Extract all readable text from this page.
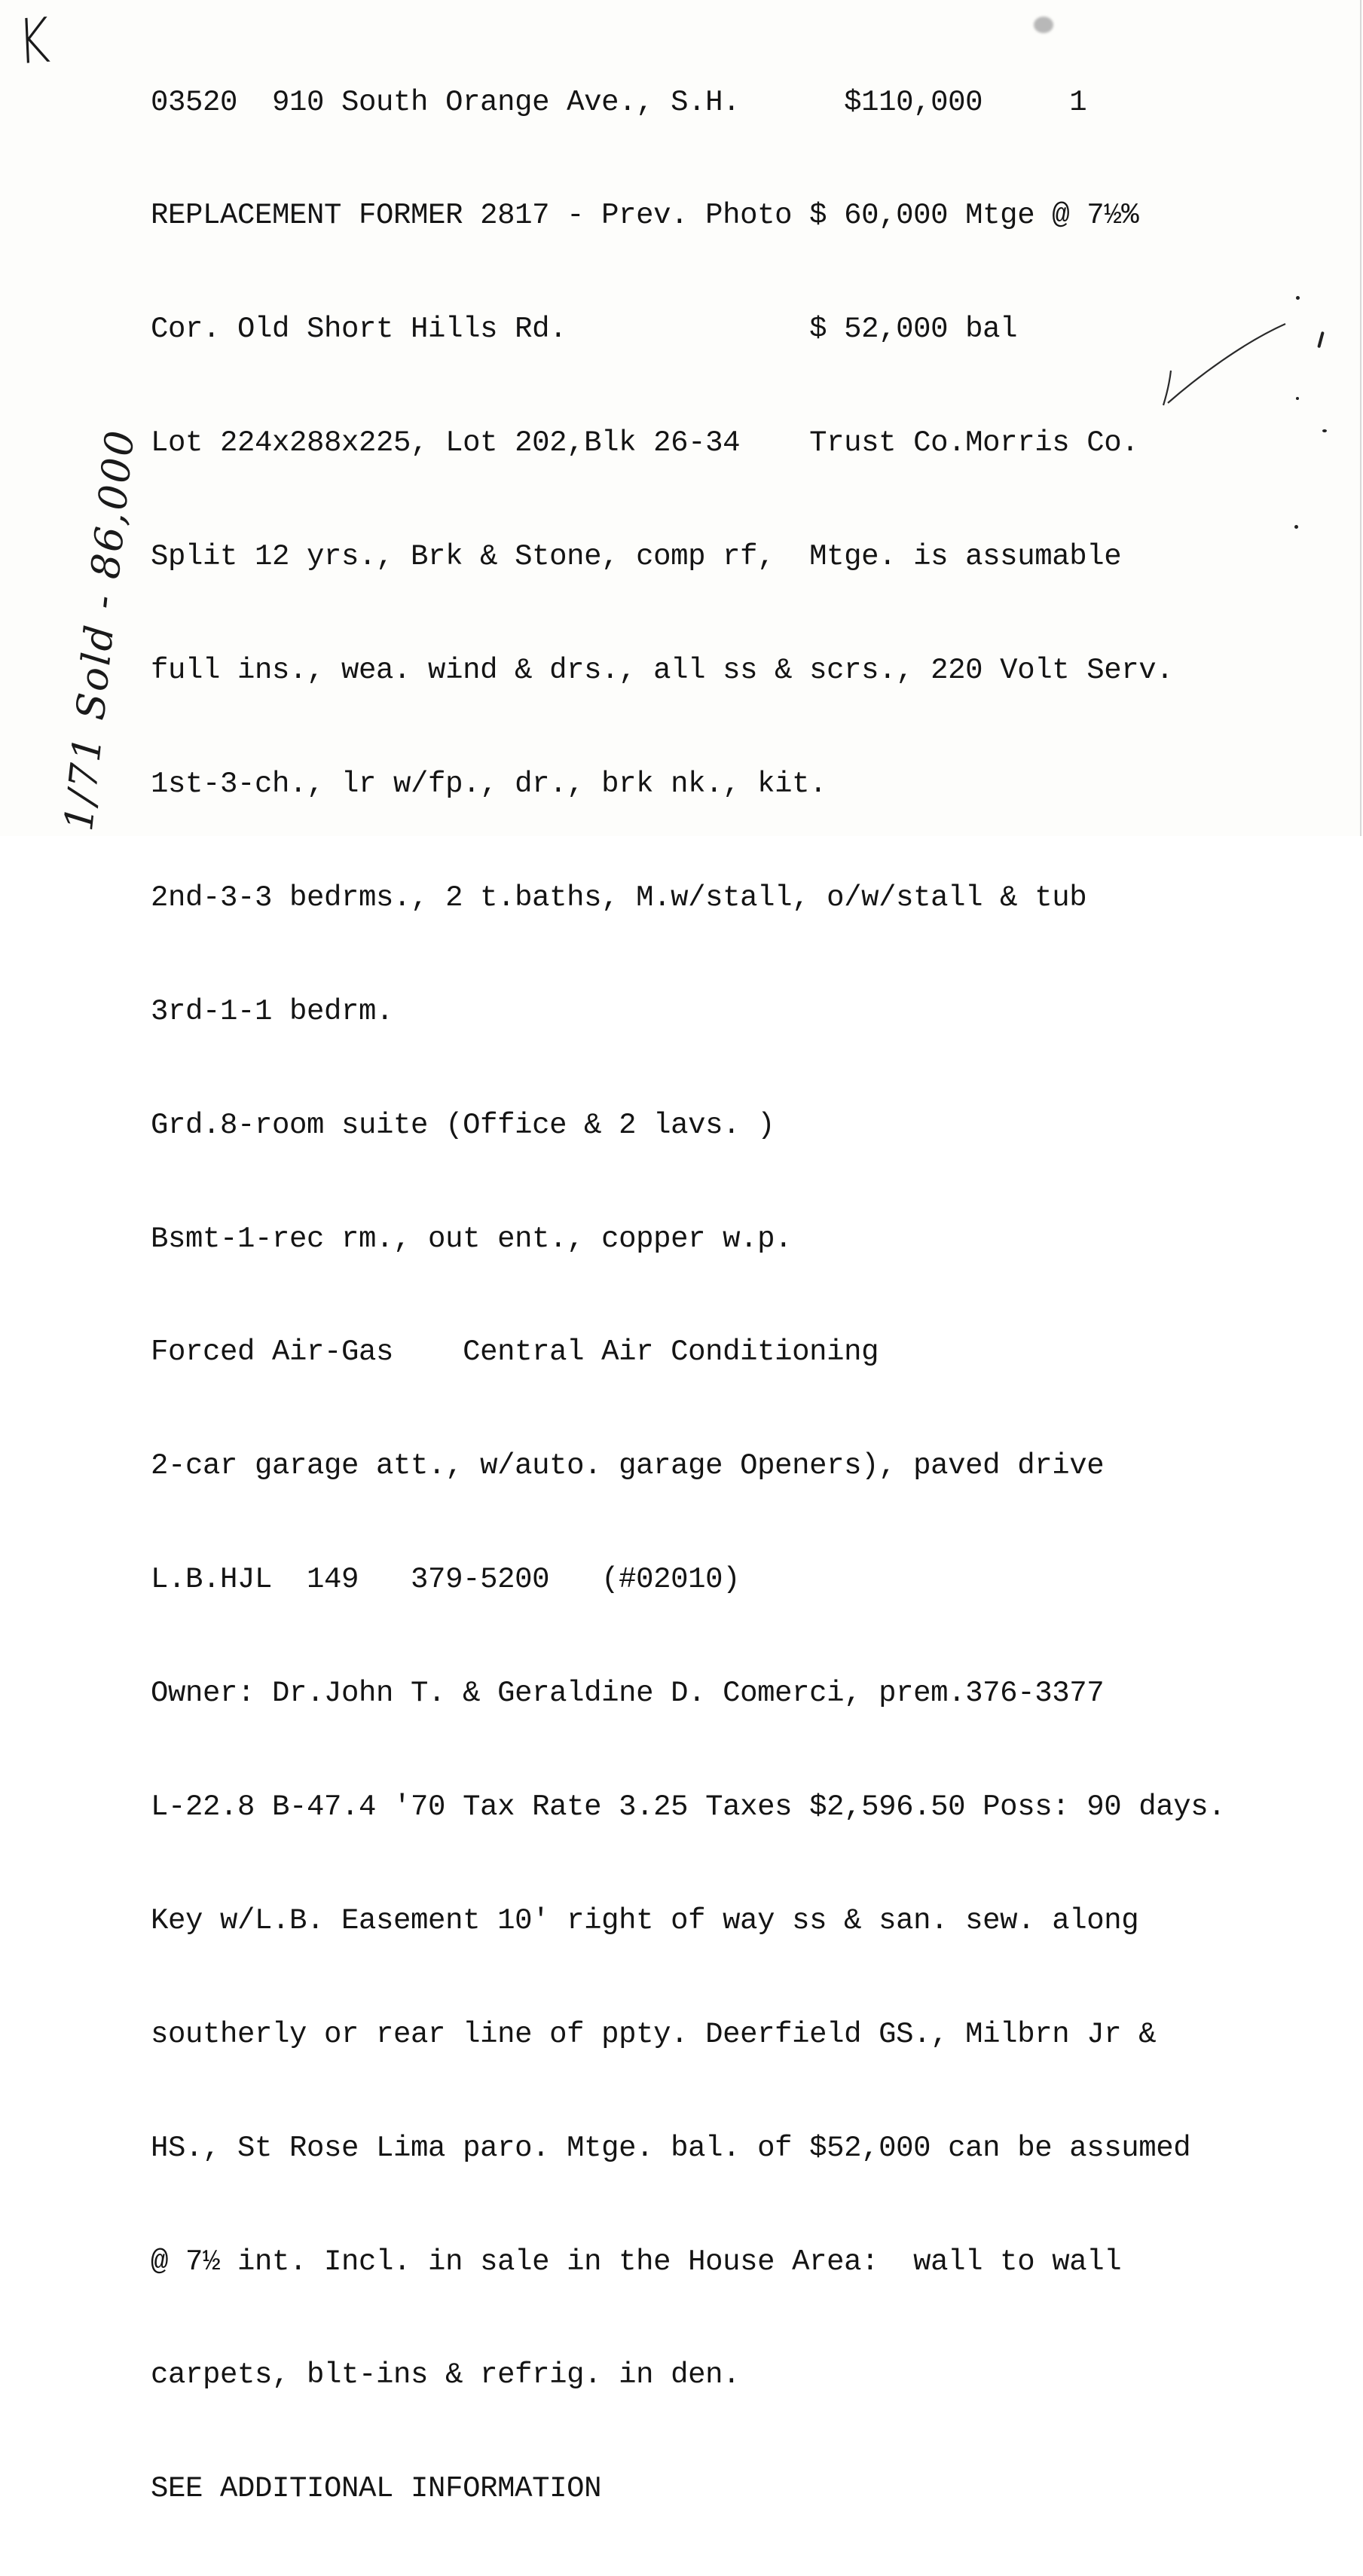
K
1/71 Sold - 86,000

03520  910 South Orange Ave., S.H.      $110,000     1

REPLACEMENT FORMER 2817 - Prev. Photo $ 60,000 Mtge @ 7½%

Cor. Old Short Hills Rd.              $ 52,000 bal

Lot 224x288x225, Lot 202,Blk 26-34    Trust Co.Morris Co.

Split 12 yrs., Brk & Stone, comp rf,  Mtge. is assumable

full ins., wea. wind & drs., all ss & scrs., 220 Volt Serv.

1st-3-ch., lr w/fp., dr., brk nk., kit.

2nd-3-3 bedrms., 2 t.baths, M.w/stall, o/w/stall & tub

3rd-1-1 bedrm.

Grd.8-room suite (Office & 2 lavs. )

Bsmt-1-rec rm., out ent., copper w.p.

Forced Air-Gas    Central Air Conditioning

2-car garage att., w/auto. garage Openers), paved drive

L.B.HJL  149   379-5200   (#02010)

Owner: Dr.John T. & Geraldine D. Comerci, prem.376-3377

L-22.8 B-47.4 '70 Tax Rate 3.25 Taxes $2,596.50 Poss: 90 days.

Key w/L.B. Easement 10' right of way ss & san. sew. along

southerly or rear line of ppty. Deerfield GS., Milbrn Jr &

HS., St Rose Lima paro. Mtge. bal. of $52,000 can be assumed

@ 7½ int. Incl. in sale in the House Area:  wall to wall

carpets, blt-ins & refrig. in den.

SEE ADDITIONAL INFORMATION
